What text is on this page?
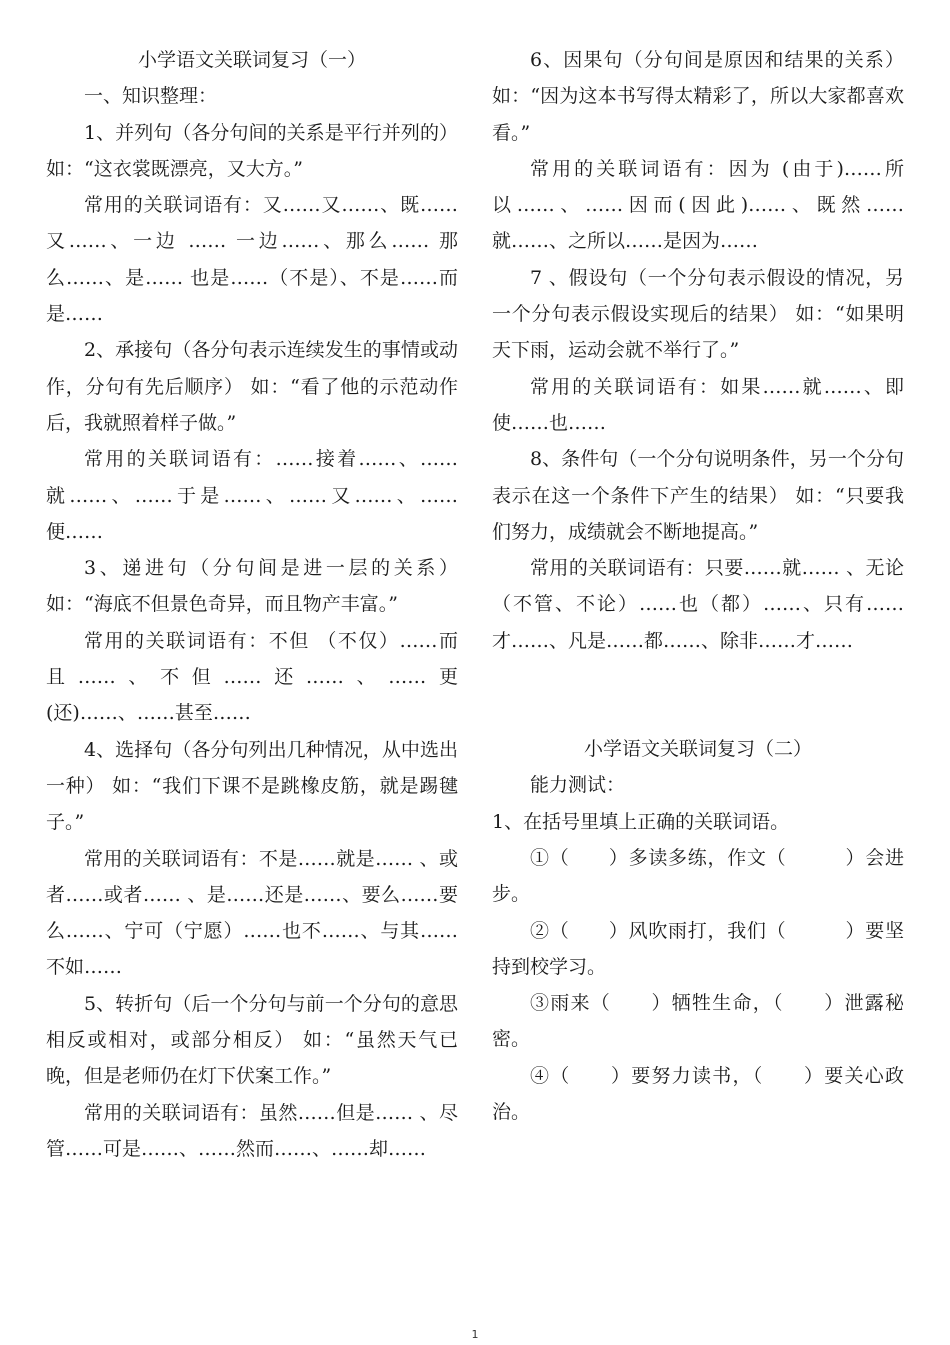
小学语文关联词复习（一）

一、知识整理：

1、并列句（各分句间的关系是平行并列的） 如：“这衣裳既漂亮，又大方。”

常用的关联词语有：又……又……、既…… 又……、一边 …… 一边……、那么…… 那么……、是…… 也是……（不是）、不是……而是……

2、承接句（各分句表示连续发生的事情或动作，分句有先后顺序） 如：“看了他的示范动作后，我就照着样子做。”

常用的关联词语有：……接着……、……就……、……于是……、……又……、……便……

3、递进句（分句间是进一层的关系） 如：“海底不但景色奇异，而且物产丰富。”

常用的关联词语有：不但 （不仅）……而且……、不但……还……、……更(还)……、……甚至……

4、选择句（各分句列出几种情况，从中选出一种） 如：“我们下课不是跳橡皮筋，就是踢毽子。”

常用的关联词语有：不是……就是…… 、或者……或者…… 、是……还是……、要么……要么……、宁可（宁愿）……也不……、与其……不如……

5、转折句（后一个分句与前一个分句的意思相反或相对，或部分相反） 如：“虽然天气已晚，但是老师仍在灯下伏案工作。”

常用的关联词语有：虽然……但是…… 、尽管……可是……、……然而……、……却……

6、因果句（分句间是原因和结果的关系） 如：“因为这本书写得太精彩了，所以大家都喜欢看。”

常用的关联词语有：因为 (由于)……所以……、……因而(因此)……、既然……就……、之所以……是因为……

7 、假设句（一个分句表示假设的情况，另一个分句表示假设实现后的结果） 如：“如果明天下雨，运动会就不举行了。”

常用的关联词语有：如果……就……、即使……也……

8、条件句（一个分句说明条件，另一个分句表示在这一个条件下产生的结果） 如：“只要我们努力，成绩就会不断地提高。”

常用的关联词语有：只要……就…… 、无论（不管、不论）……也（都）……、只有……才……、凡是……都……、除非……才……

小学语文关联词复习（二）

能力测试：

1、在括号里填上正确的关联词语。

①（　　）多读多练，作文（　　　）会进步。

②（　　）风吹雨打，我们（　　　）要坚持到校学习。

③雨来（　　）牺牲生命，（　　）泄露秘密。

④（　　）要努力读书，（　　）要关心政治。

1
